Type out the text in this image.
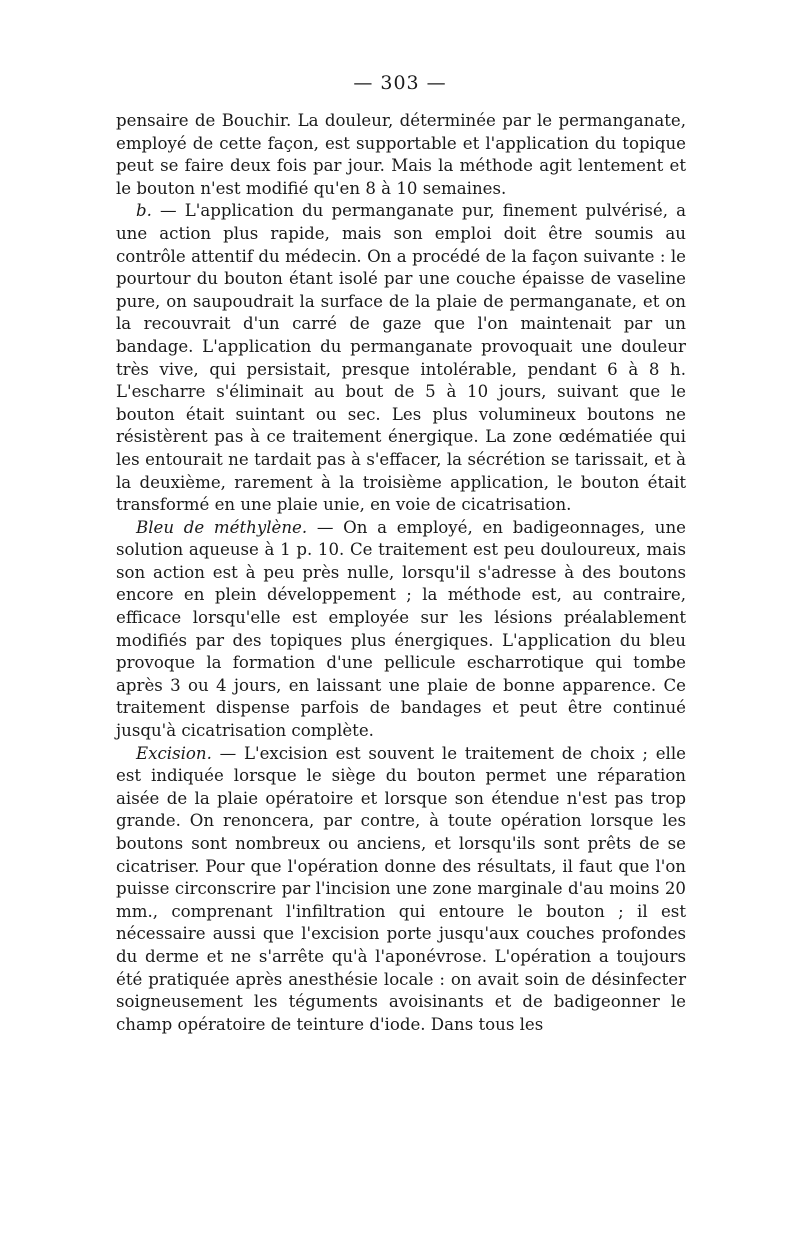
— 303 —

pensaire de Bouchir. La douleur, déterminée par le permanganate, employé de cette façon, est supportable et l'application du topique peut se faire deux fois par jour. Mais la méthode agit lentement et le bouton n'est modifié qu'en 8 à 10 semaines.

b. — L'application du permanganate pur, finement pulvérisé, a une action plus rapide, mais son emploi doit être soumis au contrôle attentif du médecin. On a procédé de la façon suivante : le pourtour du bouton étant isolé par une couche épaisse de vaseline pure, on saupoudrait la surface de la plaie de permanganate, et on la recouvrait d'un carré de gaze que l'on maintenait par un bandage. L'application du permanganate provoquait une douleur très vive, qui persistait, presque intolérable, pendant 6 à 8 h. L'escharre s'éliminait au bout de 5 à 10 jours, suivant que le bouton était suintant ou sec. Les plus volumineux boutons ne résistèrent pas à ce traitement énergique. La zone œdématiée qui les entourait ne tardait pas à s'effacer, la sécrétion se tarissait, et à la deuxième, rarement à la troisième application, le bouton était transformé en une plaie unie, en voie de cicatrisation.

Bleu de méthylène. — On a employé, en badigeonnages, une solution aqueuse à 1 p. 10. Ce traitement est peu douloureux, mais son action est à peu près nulle, lorsqu'il s'adresse à des boutons encore en plein développement ; la méthode est, au contraire, efficace lorsqu'elle est employée sur les lésions préalablement modifiés par des topiques plus énergiques. L'application du bleu provoque la formation d'une pellicule escharrotique qui tombe après 3 ou 4 jours, en laissant une plaie de bonne apparence. Ce traitement dispense parfois de bandages et peut être continué jusqu'à cicatrisation complète.

Excision. — L'excision est souvent le traitement de choix ; elle est indiquée lorsque le siège du bouton permet une réparation aisée de la plaie opératoire et lorsque son étendue n'est pas trop grande. On renoncera, par contre, à toute opération lorsque les boutons sont nombreux ou anciens, et lorsqu'ils sont prêts de se cicatriser. Pour que l'opération donne des résultats, il faut que l'on puisse circonscrire par l'incision une zone marginale d'au moins 20 mm., comprenant l'infiltration qui entoure le bouton ; il est nécessaire aussi que l'excision porte jusqu'aux couches profondes du derme et ne s'arrête qu'à l'aponévrose. L'opération a toujours été pratiquée après anesthésie locale : on avait soin de désinfecter soigneusement les téguments avoisinants et de badigeonner le champ opératoire de teinture d'iode. Dans tous les
